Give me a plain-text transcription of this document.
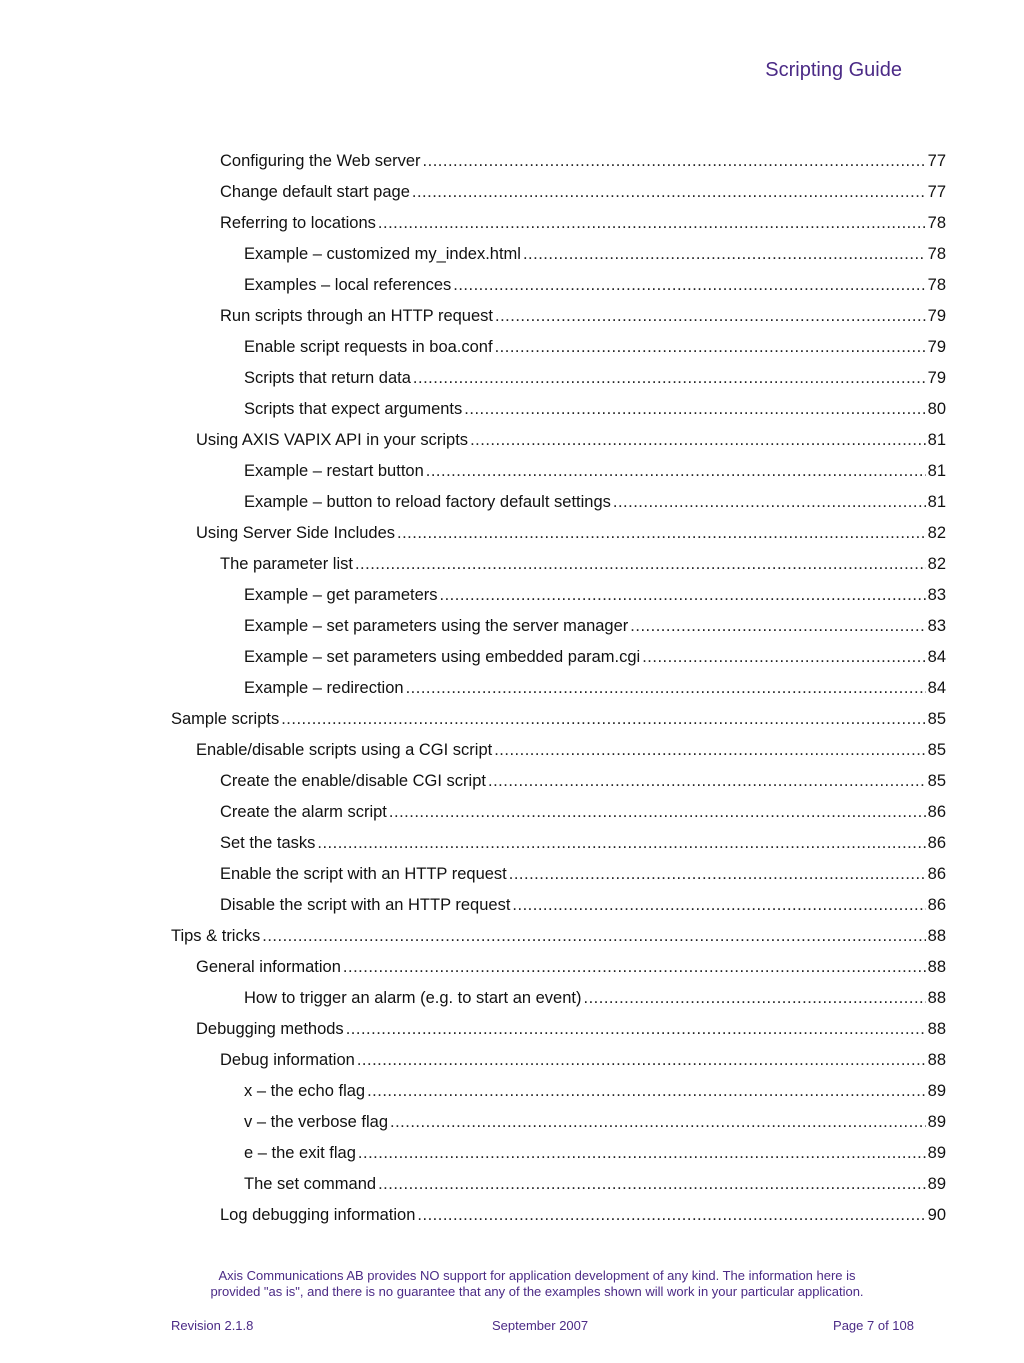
Scripting Guide
Configuring the Web server .....	77
Change default start page .....	77
Referring to locations .....	78
Example – customized my_index.html .....	78
Examples – local references .....	78
Run scripts through an HTTP request .....	79
Enable script requests in boa.conf .....	79
Scripts that return data .....	79
Scripts that expect arguments .....	80
Using AXIS VAPIX API in your scripts .....	81
Example – restart button .....	81
Example – button to reload factory default settings .....	81
Using Server Side Includes .....	82
The parameter list .....	82
Example – get parameters .....	83
Example – set parameters using the server manager .....	83
Example – set parameters using embedded param.cgi .....	84
Example – redirection .....	84
Sample scripts .....	85
Enable/disable scripts using a CGI script .....	85
Create the enable/disable CGI script .....	85
Create the alarm script .....	86
Set the tasks .....	86
Enable the script with an HTTP request .....	86
Disable the script with an HTTP request .....	86
Tips & tricks .....	88
General information .....	88
How to trigger an alarm (e.g. to start an event) .....	88
Debugging methods .....	88
Debug information .....	88
x – the echo flag .....	89
v – the verbose flag .....	89
e – the exit flag .....	89
The set command .....	89
Log debugging information .....	90
Axis Communications AB provides NO support for application development of any kind. The information here is
provided "as is", and there is no guarantee that any of the examples shown will work in your particular application.
Revision 2.1.8	September 2007	Page 7 of 108
